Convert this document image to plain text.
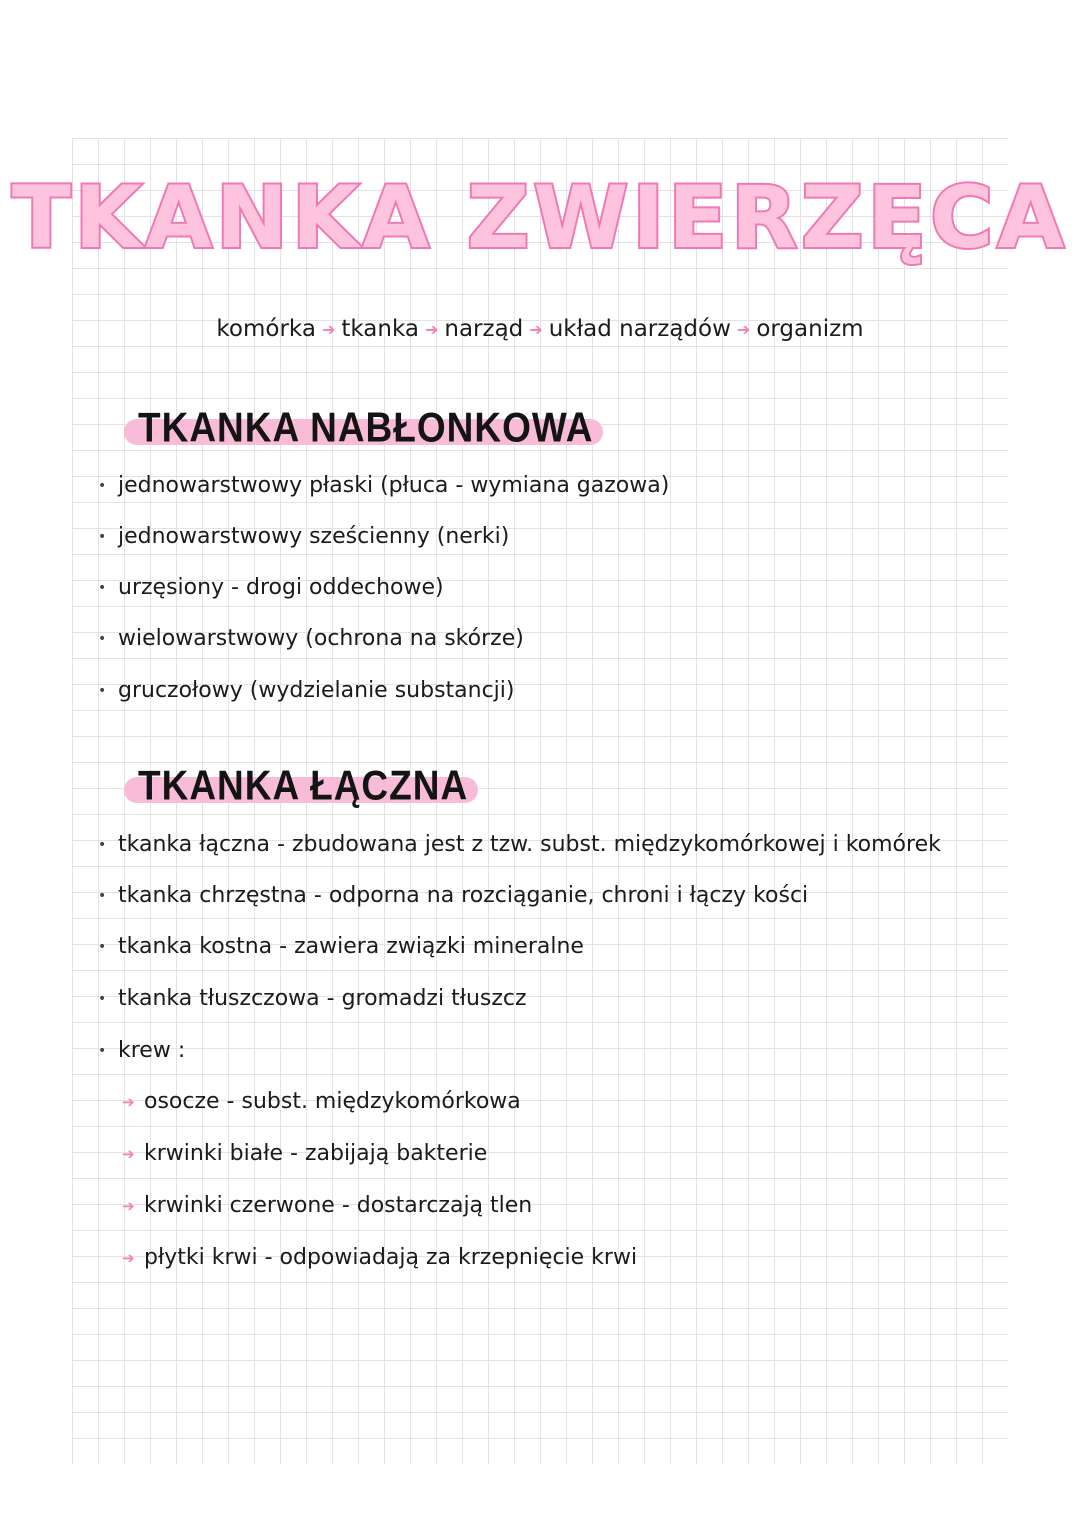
TKANKA ZWIERZĘCA
komórka ➔ tkanka ➔ narząd ➔ układ narządów ➔ organizm
TKANKA NABŁONKOWA
• jednowarstwowy płaski (płuca - wymiana gazowa)
• jednowarstwowy sześcienny (nerki)
• urzęsiony - drogi oddechowe)
• wielowarstwowy (ochrona na skórze)
• gruczołowy (wydzielanie substancji)
TKANKA ŁĄCZNA
• tkanka łączna - zbudowana jest z tzw. subst. międzykomórkowej i komórek
• tkanka chrzęstna - odporna na rozciąganie, chroni i łączy kości
• tkanka kostna - zawiera związki mineralne
• tkanka tłuszczowa - gromadzi tłuszcz
• krew :
➔ osocze - subst. międzykomórkowa
➔ krwinki białe - zabijają bakterie
➔ krwinki czerwone - dostarczają tlen
➔ płytki krwi - odpowiadają za krzepnięcie krwi
